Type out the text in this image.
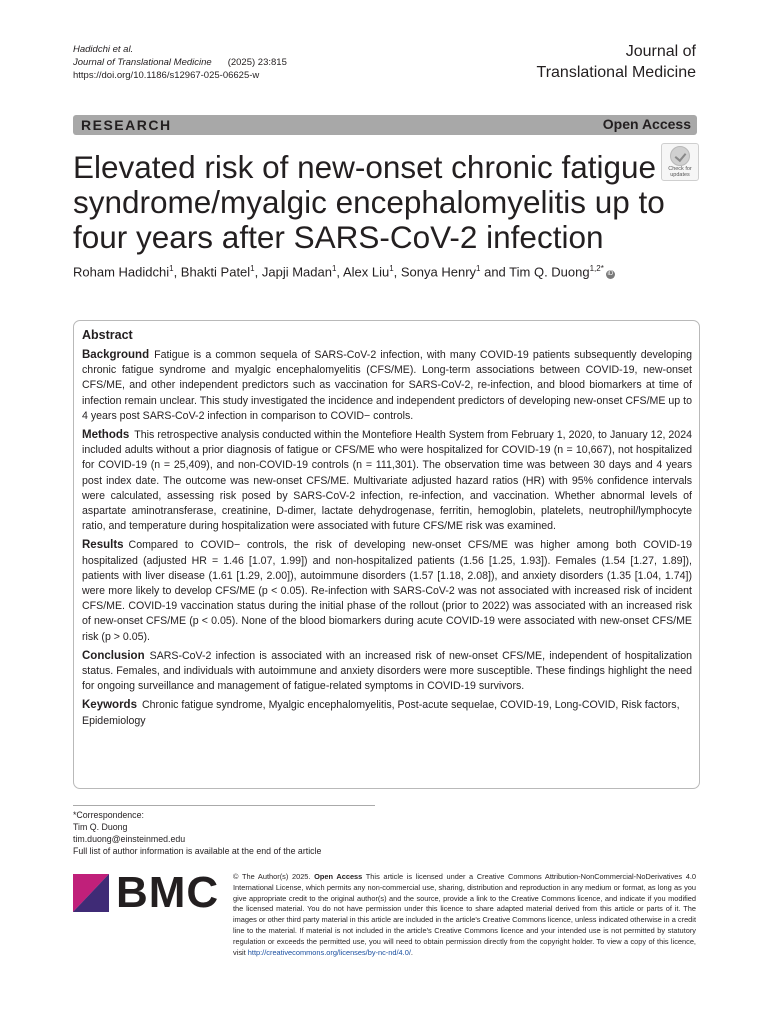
Hadidchi et al.
Journal of Translational Medicine (2025) 23:815
https://doi.org/10.1186/s12967-025-06625-w
Journal of
Translational Medicine
RESEARCH	Open Access
Elevated risk of new-onset chronic fatigue syndrome/myalgic encephalomyelitis up to four years after SARS-CoV-2 infection
Check for
updates
Roham Hadidchi$^1$, Bhakti Patel$^1$, Japji Madan$^1$, Alex Liu$^1$, Sonya Henry$^1$ and Tim Q. Duong$^{1,2*}$iD
Abstract

Background Fatigue is a common sequela of SARS-CoV-2 infection, with many COVID-19 patients subsequently developing chronic fatigue syndrome and myalgic encephalomyelitis (CFS/ME). Long-term associations between COVID-19, new-onset CFS/ME, and other independent predictors such as vaccination for SARS-CoV-2, re-infection, and blood biomarkers at time of infection remain unclear. This study investigated the incidence and independent predictors of developing new-onset CFS/ME up to 4 years post SARS-CoV-2 infection in comparison to COVID− controls.

Methods This retrospective analysis conducted within the Montefiore Health System from February 1, 2020, to January 12, 2024 included adults without a prior diagnosis of fatigue or CFS/ME who were hospitalized for COVID-19 (n = 10,667), not hospitalized for COVID-19 (n = 25,409), and non-COVID-19 controls (n = 111,301). The observation time was between 30 days and 4 years post index date. The outcome was new-onset CFS/ME. Multivariate adjusted hazard ratios (HR) with 95% confidence intervals were calculated, assessing risk posed by SARS-CoV-2 infection, re-infection, and vaccination. Whether abnormal levels of aspartate aminotransferase, creatinine, D-dimer, lactate dehydrogenase, ferritin, hemoglobin, platelets, neutrophil/lymphocyte ratio, and temperature during hospitalization were associated with future CFS/ME risk was examined.

Results Compared to COVID− controls, the risk of developing new-onset CFS/ME was higher among both COVID-19 hospitalized (adjusted HR = 1.46 [1.07, 1.99]) and non-hospitalized patients (1.56 [1.25, 1.93]). Females (1.54 [1.27, 1.89]), patients with liver disease (1.61 [1.29, 2.00]), autoimmune disorders (1.57 [1.18, 2.08]), and anxiety disorders (1.35 [1.04, 1.74]) were more likely to develop CFS/ME (p < 0.05). Re-infection with SARS-CoV-2 was not associated with increased risk of incident CFS/ME. COVID-19 vaccination status during the initial phase of the rollout (prior to 2022) was associated with an increased risk of new-onset CFS/ME (p < 0.05). None of the blood biomarkers during acute COVID-19 were associated with new-onset CFS/ME risk (p > 0.05).

Conclusion SARS-CoV-2 infection is associated with an increased risk of new-onset CFS/ME, independent of hospitalization status. Females, and individuals with autoimmune and anxiety disorders were more susceptible. These findings highlight the need for ongoing surveillance and management of fatigue-related symptoms in COVID-19 survivors.

Keywords Chronic fatigue syndrome, Myalgic encephalomyelitis, Post-acute sequelae, COVID-19, Long-COVID, Risk factors, Epidemiology

*Correspondence:
Tim Q. Duong
tim.duong@einsteinmed.edu
Full list of author information is available at the end of the article
BMC © The Author(s) 2025. Open Access This article is licensed under a Creative Commons Attribution-NonCommercial-NoDerivatives 4.0 International License, which permits any non-commercial use, sharing, distribution and reproduction in any medium or format, as long as you give appropriate credit to the original author(s) and the source, provide a link to the Creative Commons licence, and indicate if you modified the licensed material. You do not have permission under this licence to share adapted material derived from this article or parts of it. The images or other third party material in this article are included in the article's Creative Commons licence, unless indicated otherwise in a credit line to the material. If material is not included in the article's Creative Commons licence and your intended use is not permitted by statutory regulation or exceeds the permitted use, you will need to obtain permission directly from the copyright holder. To view a copy of this licence, visit http://creativecommons.org/licenses/by-nc-nd/4.0/.
